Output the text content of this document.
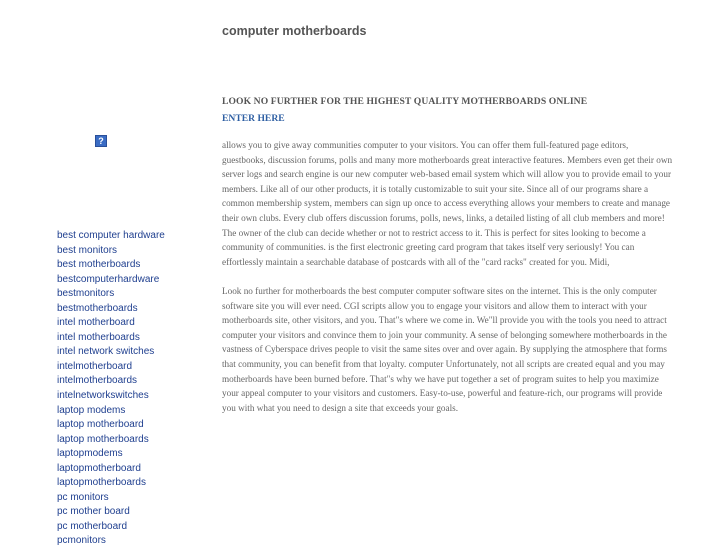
computer motherboards
?
best computer hardware
best monitors
best motherboards
bestcomputerhardware
bestmonitors
bestmotherboards
intel motherboard
intel motherboards
intel network switches
intelmotherboard
intelmotherboards
intelnetworkswitches
laptop modems
laptop motherboard
laptop motherboards
laptopmodems
laptopmotherboard
laptopmotherboards
pc monitors
pc mother board
pc motherboard
pcmonitors
LOOK NO FURTHER FOR THE HIGHEST QUALITY MOTHERBOARDS ONLINE
ENTER HERE

allows you to give away communities computer to your visitors. You can offer them full-featured page editors, guestbooks, discussion forums, polls and many more motherboards great interactive features. Members even get their own server logs and search engine is our new computer web-based email system which will allow you to provide email to your members. Like all of our other products, it is totally customizable to suit your site. Since all of our programs share a common membership system, members can sign up once to access everything allows your members to create and manage their own clubs. Every club offers discussion forums, polls, news, links, a detailed listing of all club members and more! The owner of the club can decide whether or not to restrict access to it. This is perfect for sites looking to become a community of communities. is the first electronic greeting card program that takes itself very seriously! You can effortlessly maintain a searchable database of postcards with all of the "card racks" created for you. Midi,

Look no further for motherboards the best computer computer software sites on the internet. This is the only computer software site you will ever need. CGI scripts allow you to engage your visitors and allow them to interact with your motherboards site, other visitors, and you. That"s where we come in. We"ll provide you with the tools you need to attract computer your visitors and convince them to join your community. A sense of belonging somewhere motherboards in the vastness of Cyberspace drives people to visit the same sites over and over again. By supplying the atmosphere that forms that community, you can benefit from that loyalty. computer Unfortunately, not all scripts are created equal and you may motherboards have been burned before. That"s why we have put together a set of program suites to help you maximize your appeal computer to your visitors and customers. Easy-to-use, powerful and feature-rich, our programs will provide you with what you need to design a site that exceeds your goals.
